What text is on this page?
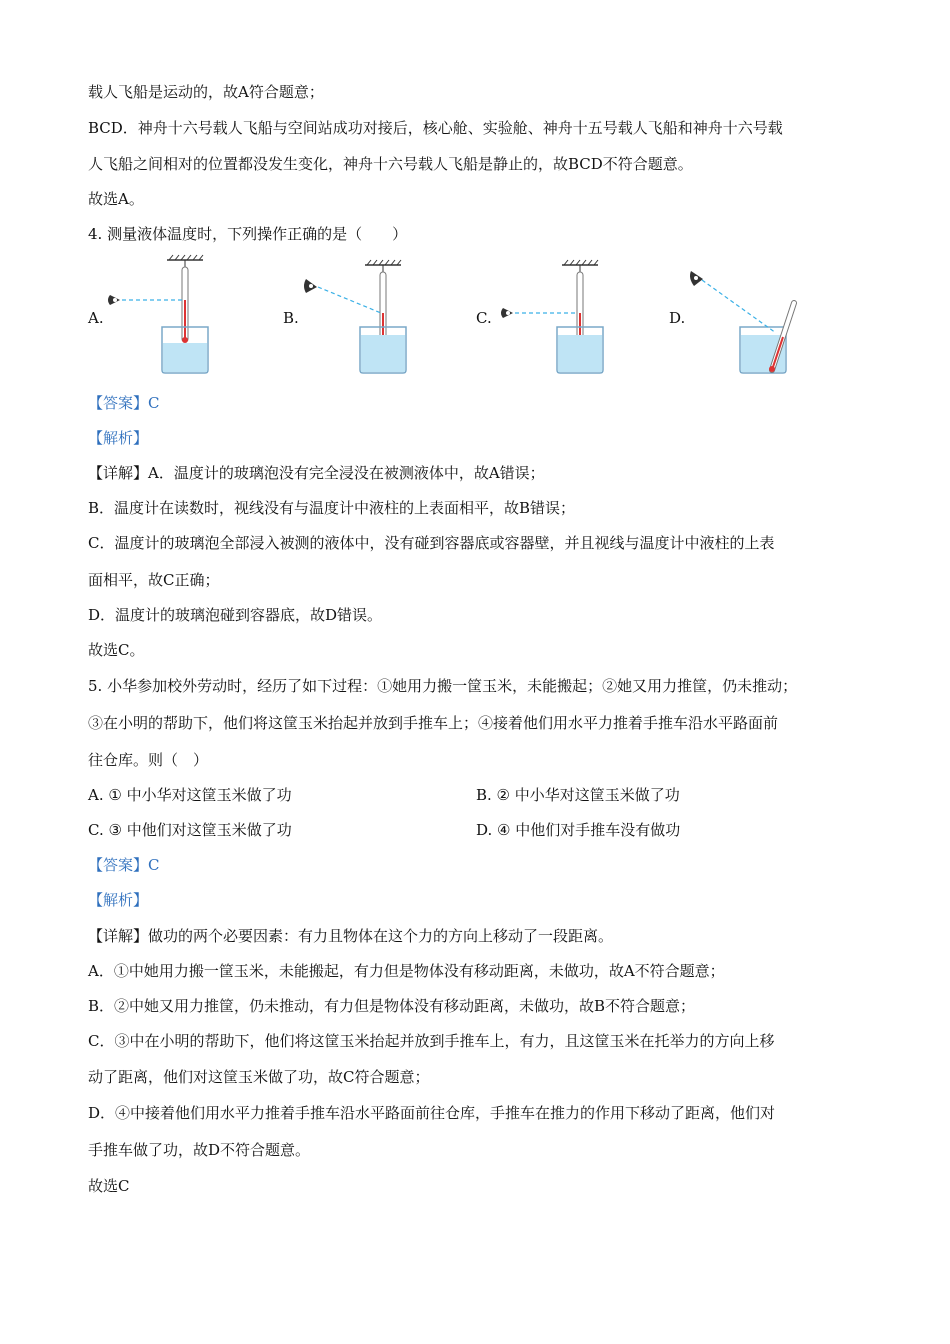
载人飞船是运动的，故A符合题意；
BCD．神舟十六号载人飞船与空间站成功对接后，核心舱、实验舱、神舟十五号载人飞船和神舟十六号载
人飞船之间相对的位置都没发生变化，神舟十六号载人飞船是静止的，故BCD不符合题意。
故选A。
4. 测量液体温度时，下列操作正确的是（　　）
A.	B.	C.	D.
【答案】C
【解析】
【详解】A．温度计的玻璃泡没有完全浸没在被测液体中，故A错误；
B．温度计在读数时，视线没有与温度计中液柱的上表面相平，故B错误；
C．温度计的玻璃泡全部浸入被测的液体中，没有碰到容器底或容器壁，并且视线与温度计中液柱的上表
面相平，故C正确；
D．温度计的玻璃泡碰到容器底，故D错误。
故选C。
5. 小华参加校外劳动时，经历了如下过程：①她用力搬一筐玉米，未能搬起；②她又用力推筐，仍未推动；
③在小明的帮助下，他们将这筐玉米抬起并放到手推车上；④接着他们用水平力推着手推车沿水平路面前
往仓库。则（　）
A. ① 中小华对这筐玉米做了功	B. ② 中小华对这筐玉米做了功
C. ③ 中他们对这筐玉米做了功	D. ④ 中他们对手推车没有做功
【答案】C
【解析】
【详解】做功的两个必要因素：有力且物体在这个力的方向上移动了一段距离。
A．①中她用力搬一筐玉米，未能搬起，有力但是物体没有移动距离，未做功，故A不符合题意；
B．②中她又用力推筐，仍未推动，有力但是物体没有移动距离，未做功，故B不符合题意；
C．③中在小明的帮助下，他们将这筐玉米抬起并放到手推车上，有力，且这筐玉米在托举力的方向上移
动了距离，他们对这筐玉米做了功，故C符合题意；
D．④中接着他们用水平力推着手推车沿水平路面前往仓库，手推车在推力的作用下移动了距离，他们对
手推车做了功，故D不符合题意。
故选C
